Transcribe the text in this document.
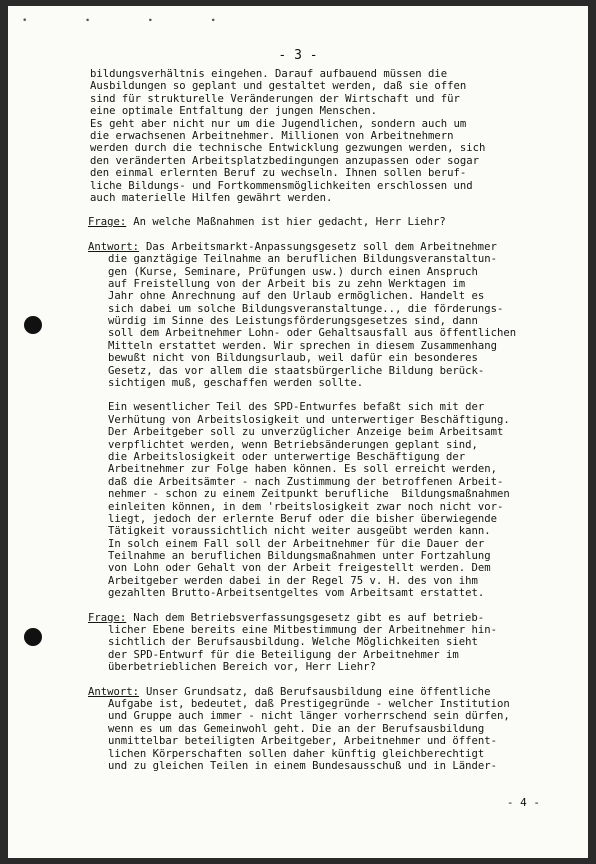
• ∙ ∙ ∙
- 3 -
bildungsverhältnis eingehen. Darauf aufbauend müssen die
Ausbildungen so geplant und gestaltet werden, daß sie offen
sind für strukturelle Veränderungen der Wirtschaft und für
eine optimale Entfaltung der jungen Menschen.
Es geht aber nicht nur um die Jugendlichen, sondern auch um
die erwachsenen Arbeitnehmer. Millionen von Arbeitnehmern
werden durch die technische Entwicklung gezwungen werden, sich
den veränderten Arbeitsplatzbedingungen anzupassen oder sogar
den einmal erlernten Beruf zu wechseln. Ihnen sollen beruf-
liche Bildungs- und Fortkommensmöglichkeiten erschlossen und
auch materielle Hilfen gewährt werden.
Frage: An welche Maßnahmen ist hier gedacht, Herr Liehr?
Antwort: Das Arbeitsmarkt-Anpassungsgesetz soll dem Arbeitnehmer
die ganztägige Teilnahme an beruflichen Bildungsveranstaltun-
gen (Kurse, Seminare, Prüfungen usw.) durch einen Anspruch
auf Freistellung von der Arbeit bis zu zehn Werktagen im
Jahr ohne Anrechnung auf den Urlaub ermöglichen. Handelt es
sich dabei um solche Bildungsveranstaltunge.., die förderungs-
würdig im Sinne des Leistungsförderungsgesetzes sind, dann
soll dem Arbeitnehmer Lohn- oder Gehaltsausfall aus öffentlichen
Mitteln erstattet werden. Wir sprechen in diesem Zusammenhang
bewußt nicht von Bildungsurlaub, weil dafür ein besonderes
Gesetz, das vor allem die staatsbürgerliche Bildung berück-
sichtigen muß, geschaffen werden sollte.
Ein wesentlicher Teil des SPD-Entwurfes befaßt sich mit der
Verhütung von Arbeitslosigkeit und unterwertiger Beschäftigung.
Der Arbeitgeber soll zu unverzüglicher Anzeige beim Arbeitsamt
verpflichtet werden, wenn Betriebsänderungen geplant sind,
die Arbeitslosigkeit oder unterwertige Beschäftigung der
Arbeitnehmer zur Folge haben können. Es soll erreicht werden,
daß die Arbeitsämter - nach Zustimmung der betroffenen Arbeit-
nehmer - schon zu einem Zeitpunkt berufliche  Bildungsmaßnahmen
einleiten können, in dem 'rbeitslosigkeit zwar noch nicht vor-
liegt, jedoch der erlernte Beruf oder die bisher überwiegende
Tätigkeit voraussichtlich nicht weiter ausgeübt werden kann.
In solch einem Fall soll der Arbeitnehmer für die Dauer der
Teilnahme an beruflichen Bildungsmaßnahmen unter Fortzahlung
von Lohn oder Gehalt von der Arbeit freigestellt werden. Dem
Arbeitgeber werden dabei in der Regel 75 v. H. des von ihm
gezahlten Brutto-Arbeitsentgeltes vom Arbeitsamt erstattet.
Frage: Nach dem Betriebsverfassungsgesetz gibt es auf betrieb-
licher Ebene bereits eine Mitbestimmung der Arbeitnehmer hin-
sichtlich der Berufsausbildung. Welche Möglichkeiten sieht
der SPD-Entwurf für die Beteiligung der Arbeitnehmer im
überbetrieblichen Bereich vor, Herr Liehr?
Antwort: Unser Grundsatz, daß Berufsausbildung eine öffentliche
Aufgabe ist, bedeutet, daß Prestigegründe - welcher Institution
und Gruppe auch immer - nicht länger vorherrschend sein dürfen,
wenn es um das Gemeinwohl geht. Die an der Berufsausbildung
unmittelbar beteiligten Arbeitgeber, Arbeitnehmer und öffent-
lichen Körperschaften sollen daher künftig gleichberechtigt
und zu gleichen Teilen in einem Bundesausschuß und in Länder-
- 4 -
